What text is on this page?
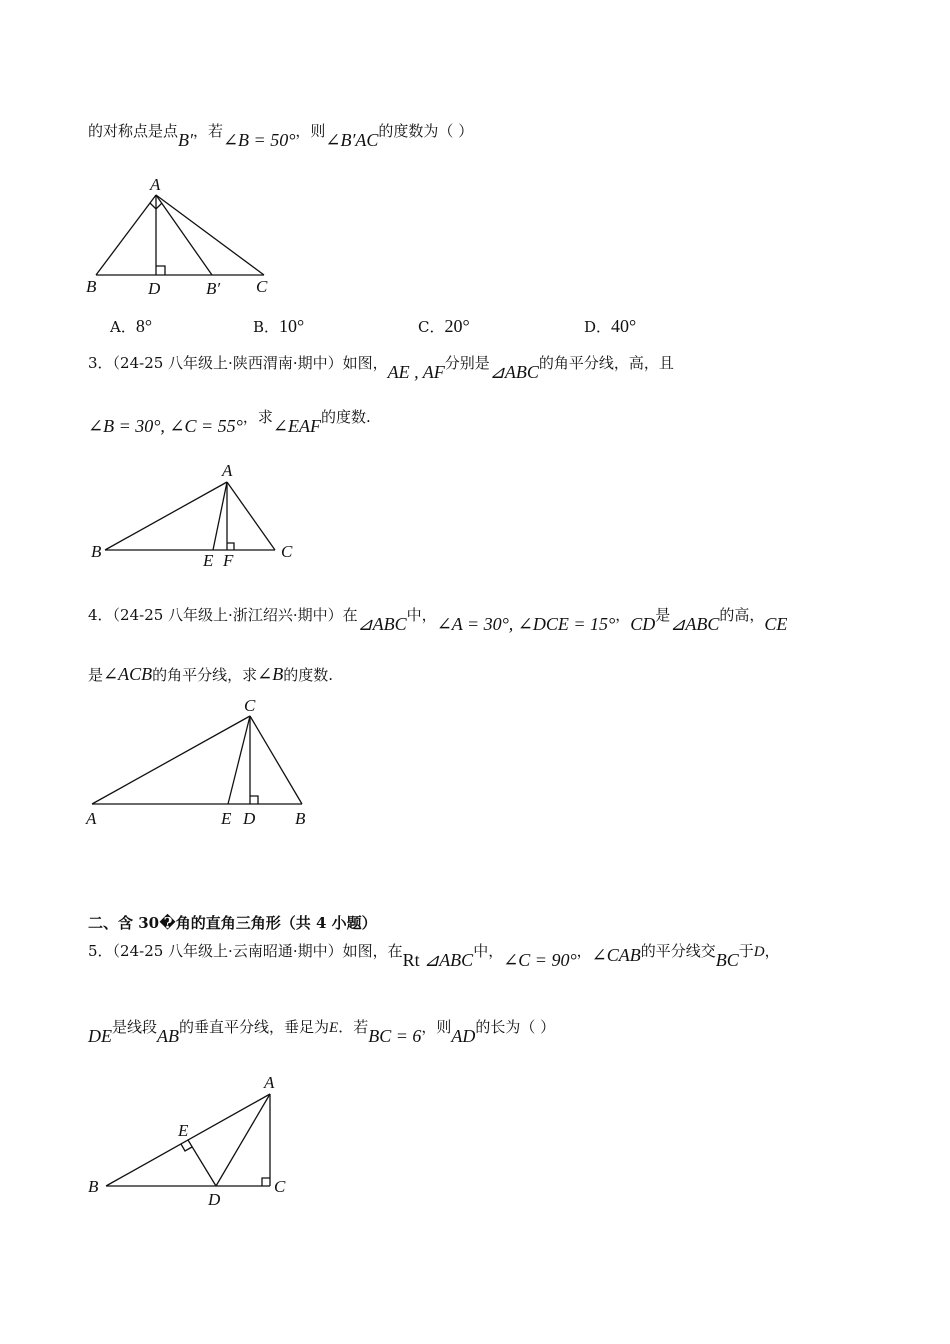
的对称点是点B′，若∠B = 50°，则∠B′AC的度数为（ ）
A
B	D	B′ C
A．8°	B．10°	C．20°	D．40°
3．（24-25 八年级上·陕西渭南·期中）如图，AE , AF分别是⊿ABC的角平分线，高，且
∠B = 30°, ∠C = 55°，求∠EAF的度数.
A
B	E F	C
4．（24-25 八年级上·浙江绍兴·期中）在⊿ABC中，∠A = 30°, ∠DCE = 15°，CD是⊿ABC的高，CE
是∠ACB的角平分线，求∠B的度数.
C
A	E D B
二、含 30�角的直角三角形（共 4 小题）
5．（24-25 八年级上·云南昭通·期中）如图，在Rt ⊿ABC中，∠C = 90°，∠CAB的平分线交BC于D，
DE是线段AB的垂直平分线，垂足为E．若BC = 6，则AD的长为（ ）
A
E
B
D
C
